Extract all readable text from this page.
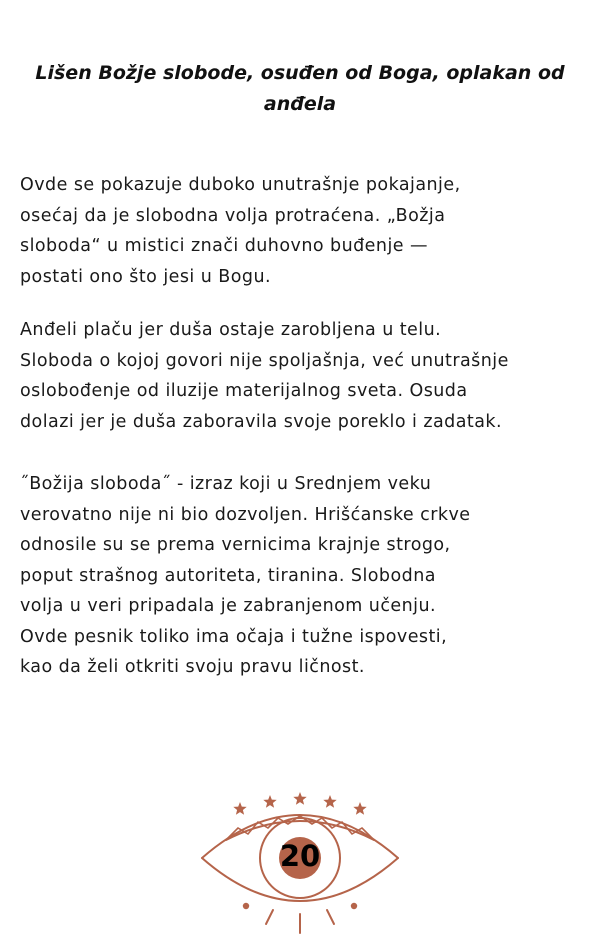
Lišen Božje slobode, osuđen od Boga, oplakan od anđela
Ovde se pokazuje duboko unutrašnje pokajanje,
osećaj da je slobodna volja protraćena. „Božja
sloboda“ u mistici znači duhovno buđenje —
postati ono što jesi u Bogu.
Anđeli plaču jer duša ostaje zarobljena u telu.
Sloboda o kojoj govori nije spoljašnja, već unutrašnje
oslobođenje od iluzije materijalnog sveta. Osuda
dolazi jer je duša zaboravila svoje poreklo i zadatak.
˝Božija sloboda˝ - izraz koji u Srednjem veku
verovatno nije ni bio dozvoljen. Hrišćanske crkve
odnosile su se prema vernicima krajnje strogo,
poput strašnog autoriteta, tiranina. Slobodna
volja u veri pripadala je zabranjenom učenju.
Ovde pesnik toliko ima očaja i tužne ispovesti,
kao da želi otkriti svoju pravu ličnost.
20
